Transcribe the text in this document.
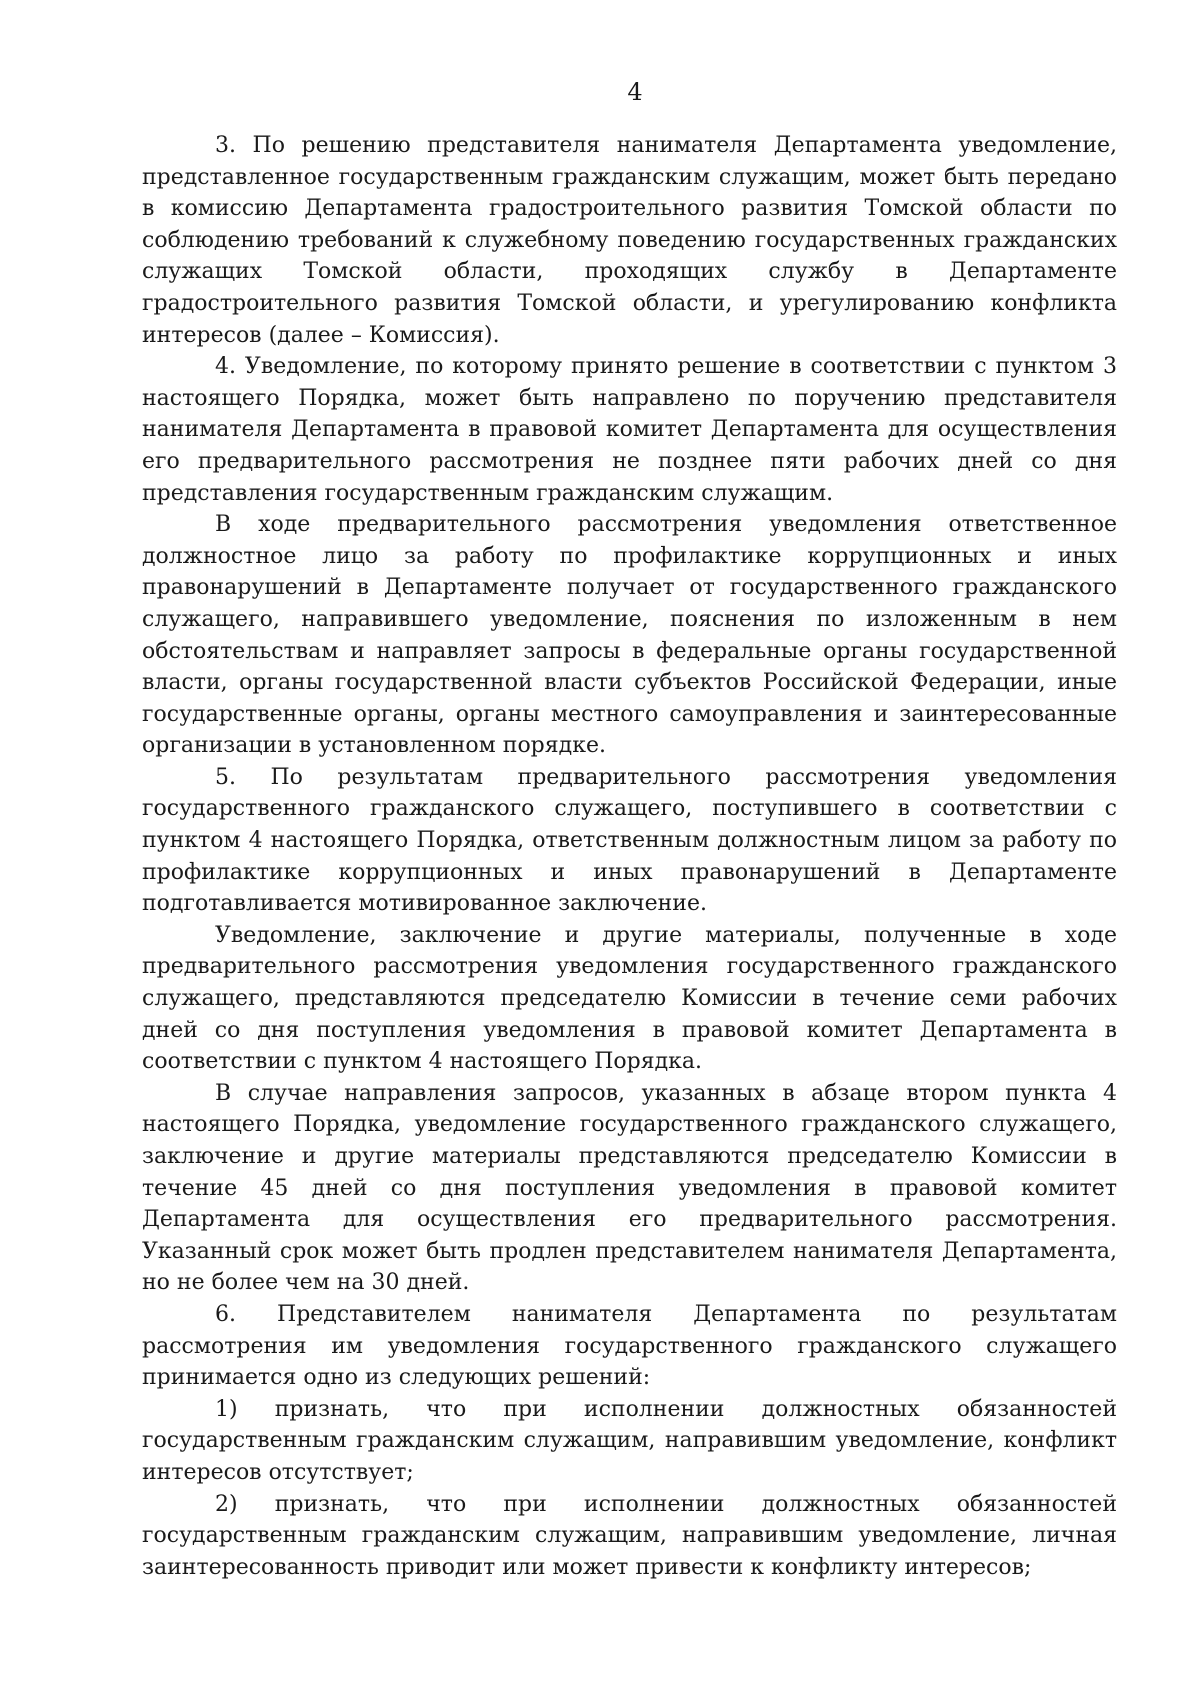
4

3. По решению представителя нанимателя Департамента уведомление, представленное государственным гражданским служащим, может быть передано в комиссию Департамента градостроительного развития Томской области по соблюдению требований к служебному поведению государственных гражданских служащих Томской области, проходящих службу в Департаменте градостроительного развития Томской области, и урегулированию конфликта интересов (далее – Комиссия).

4. Уведомление, по которому принято решение в соответствии с пунктом 3 настоящего Порядка, может быть направлено по поручению представителя нанимателя Департамента в правовой комитет Департамента для осуществления его предварительного рассмотрения не позднее пяти рабочих дней со дня представления государственным гражданским служащим.

В ходе предварительного рассмотрения уведомления ответственное должностное лицо за работу по профилактике коррупционных и иных правонарушений в Департаменте получает от государственного гражданского служащего, направившего уведомление, пояснения по изложенным в нем обстоятельствам и направляет запросы в федеральные органы государственной власти, органы государственной власти субъектов Российской Федерации, иные государственные органы, органы местного самоуправления и заинтересованные организации в установленном порядке.

5. По результатам предварительного рассмотрения уведомления государственного гражданского служащего, поступившего в соответствии с пунктом 4 настоящего Порядка, ответственным должностным лицом за работу по профилактике коррупционных и иных правонарушений в Департаменте подготавливается мотивированное заключение.

Уведомление, заключение и другие материалы, полученные в ходе предварительного рассмотрения уведомления государственного гражданского служащего, представляются председателю Комиссии в течение семи рабочих дней со дня поступления уведомления в правовой комитет Департамента в соответствии с пунктом 4 настоящего Порядка.

В случае направления запросов, указанных в абзаце втором пункта 4 настоящего Порядка, уведомление государственного гражданского служащего, заключение и другие материалы представляются председателю Комиссии в течение 45 дней со дня поступления уведомления в правовой комитет Департамента для осуществления его предварительного рассмотрения. Указанный срок может быть продлен представителем нанимателя Департамента, но не более чем на 30 дней.

6. Представителем нанимателя Департамента по результатам рассмотрения им уведомления государственного гражданского служащего принимается одно из следующих решений:

1) признать, что при исполнении должностных обязанностей государственным гражданским служащим, направившим уведомление, конфликт интересов отсутствует;

2) признать, что при исполнении должностных обязанностей государственным гражданским служащим, направившим уведомление, личная заинтересованность приводит или может привести к конфликту интересов;
